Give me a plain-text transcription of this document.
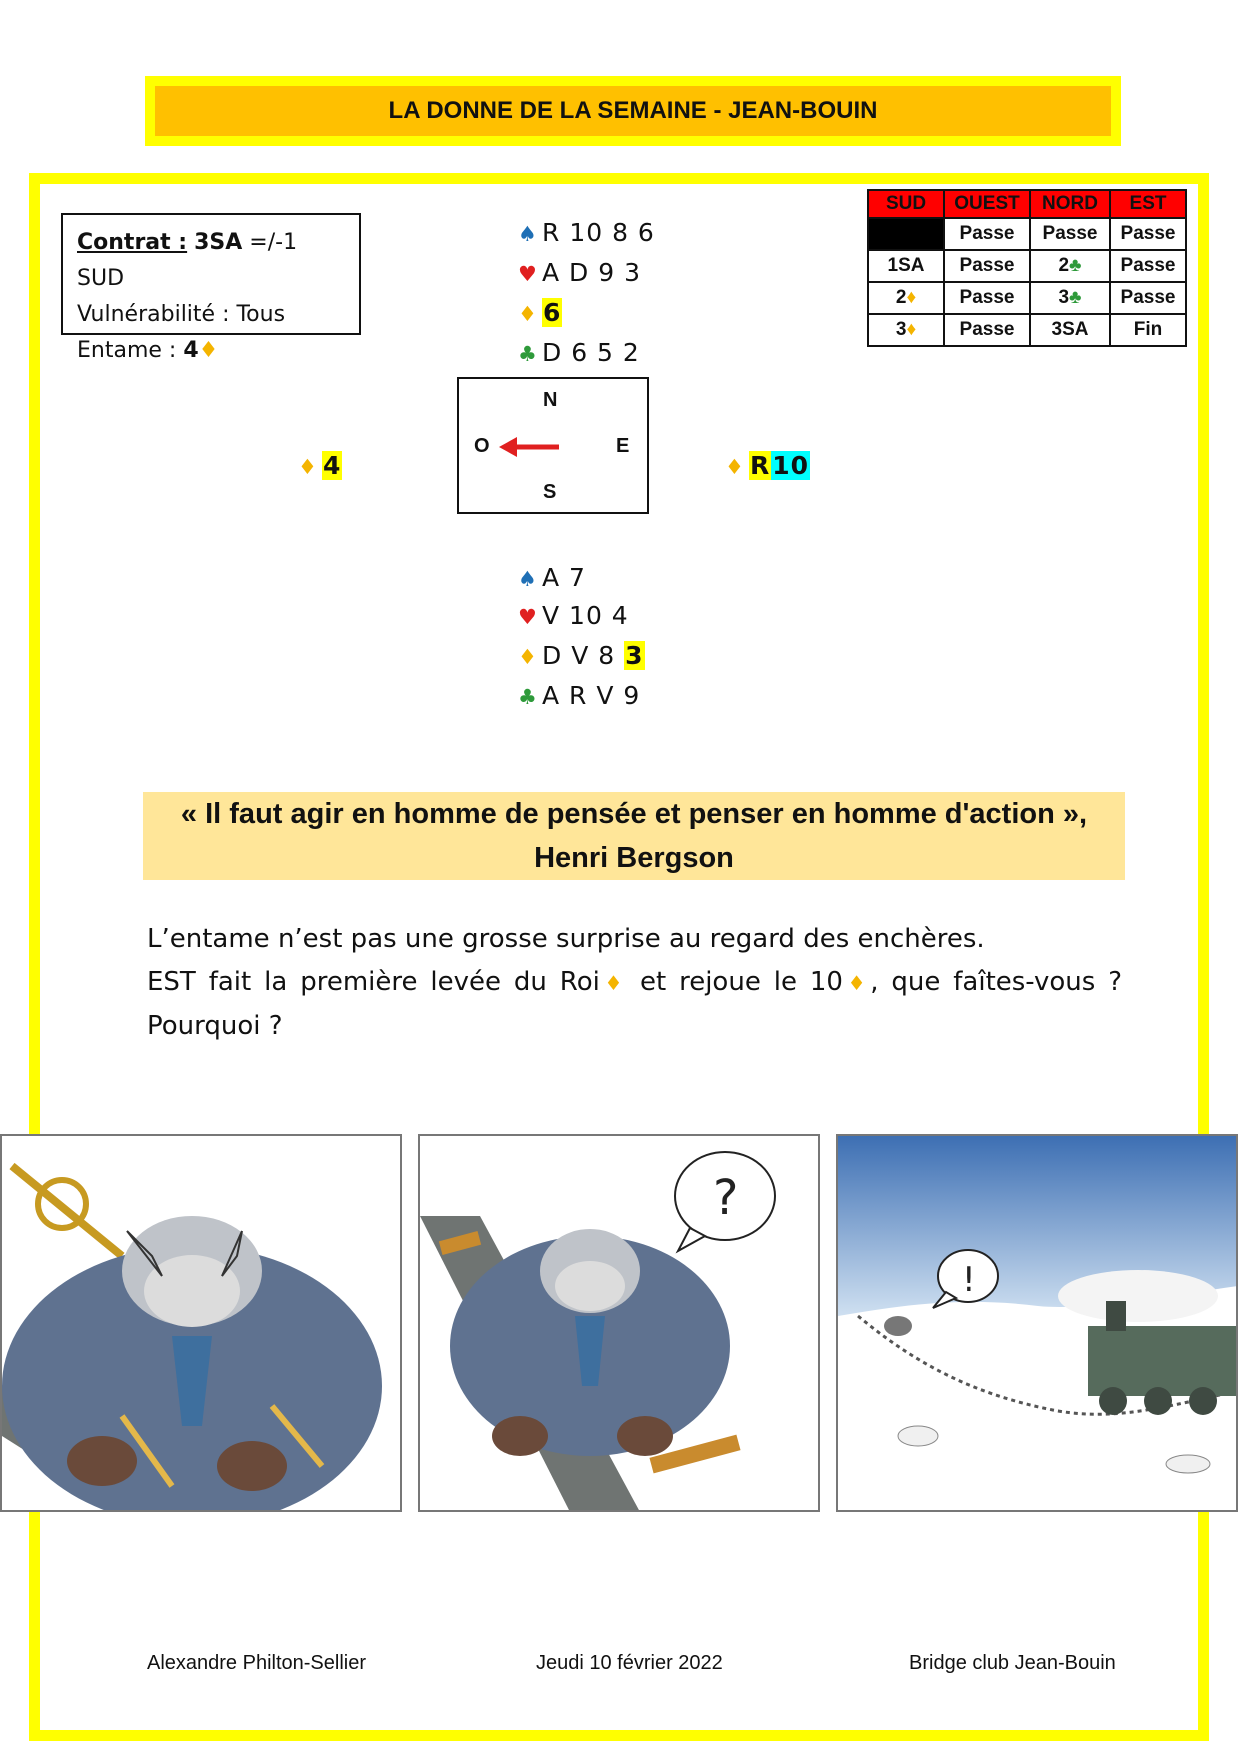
LA DONNE DE LA SEMAINE - JEAN-BOUIN
Contrat : 3SA =/-1 SUD
Vulnérabilité : Tous
Entame : 4♦
♠ R 10 8 6
♥ A D 9 3
♦ 6
♣ D 6 5 2
N
S
E
O
♦ 4	♦ R10
♠ A 7
♥ V 10 4
♦ D V 8 3
♣ A R V 9
SUD	OUEST	NORD	EST
	Passe	Passe	Passe
1SA	Passe	2♣	Passe
2♦	Passe	3♣	Passe
3♦	Passe	3SA	Fin
« Il faut agir en homme de pensée et penser en homme d'action »,
Henri Bergson
L’entame n’est pas une grosse surprise au regard des enchères.
EST fait la première levée du Roi♦ et rejoue le 10♦, que faîtes-vous ? Pourquoi ?
?
!
Alexandre Philton-Sellier	Jeudi 10 février 2022	Bridge club Jean-Bouin
